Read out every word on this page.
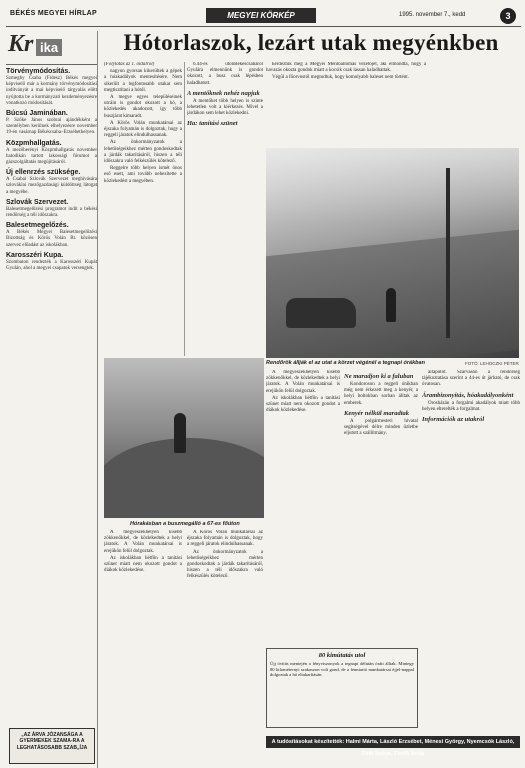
BÉKÉS MEGYEI HÍRLAP	MEGYEI KÖRKÉP	1995. november 7., kedd	3
Kr ika
Törvénymódosítás.
Szmeghy Csaba (Fidesz) Békés megyei képviselő már a kormány törvénymódosítási indítványát a mai képviselő tárgyalás előtt nyújtotta be a kormányzati kezdeményezésre vonatkozó módosítását.
Búcsú Jaminában.
P. Szőke János szobrai ajándékként a szentélyben kerülnek elhelyezésre november 19-én vasárnap Békéscsaba–Erzsébethelyen.
Közpmhallgatás.
A mezőberényi Közpmhallgatás november hatodikán tartott lakossági fórumot a gázszolgáltatás megújításáról.
Új ellenrzés szüksége.
A Csabai Szlovák Szervezet meghívására szlovákiai mezőgazdasági küldöttség látogat a megyébe.
Szlovák Szervezet.
Balesetmegelőzési programot indít a békési rendőrség a téli időszakra.
Balesetmegelőzés.
A Békés Megyei Balesetmegelőzési Bizottság és Körös Volán Rt. közösen szervez előadást az iskolákban.
Karosszéri Kupa.
Szombaton rendezték a Karosszéri Kupát Gyulán, ahol a megyei csapatok versengtek.
„AZ ÁRVA JÓZANSÁGA A GYERMEKEK SZAMA-RA A LEGHATÁSOSABB SZAB„ÍJA
Hótorlaszok, lezárt utak megyénkben

(Folytatás az 1. oldalról)

nagyon gyorsan kikerültek a gépek a hóakadályok mentesítésére. Nem sikerült a legfontosabb utakat sem megtisztítani a hótól.

A megye egyes településeinek utcáin is gondot okozott a hó, a közlekedés akadozott, így több buszjárat kimaradt.

A Körös Volán munkatársai az éjszaka folyamán is dolgoztak, hogy a reggeli járatok elindulhassanak.

Az önkormányzatok a lehetőségeikhez mérten gondoskodtak a járdák takarításáról, hiszen a téli időszakra való felkészülés kötelező.

Reggelre több helyen ismét ónos eső esett, ami tovább nehezítette a közlekedést a megyében.

6.44-es útonBékéscsabáról Gyulára elmennünk is gondot okozott, a busz csak lépésben haladhatott.

A mentőknek nehéz napjuk

A mentőket több helyen is szinte lehetetlen volt a kiérkezés. Mivel a járdákon sem lehet közlekedni.

Ha: tanítási szünet

kérdeztük meg a Megyei Mentőállomás vezetőjét, aki elmondta, hogy a havazás okozta gondok miatt a kocsik csak lassan haladhattak.

Végül a főorvostól megtudtuk, hogy komolyabb baleset nem történt.

Rendőrök állják el az utat a körzet végénél a tegnapi órákban	FOTÓ: LEHOCZKI PÉTER
Hórakásban a buszmegálló a 67-es főúton

A megyeszékhelyen kisebb zökkenőkkel, de közlekedtek a helyi járatok. A Volán munkatársai is erejükön felül dolgoztak.

Az iskolákban hétfőn a tanítási szünet miatt nem okozott gondot a diákok közlekedése.

A Körös Volán munkatársai az éjszaka folyamán is dolgoztak, hogy a reggeli járatok elindulhassanak.

Az önkormányzatok a lehetőségeikhez mérten gondoskodtak a járdák takarításáról, hiszen a téli időszakra való felkészülés kötelező.

A megyeszékhelyen kisebb zökkenőkkel, de közlekedtek a helyi járatok. A Volán munkatársai is erejükön felül dolgoztak.

Az iskolákban hétfőn a tanítási szünet miatt nem okozott gondot a diákok közlekedése.

Ne maradjon ki a faluban

Kondoroson a reggeli órákban még nem érkezett meg a kenyér, a helyi boltokban sorban álltak az emberek.

Kenyér nélkül maradtak

A polgármesteri hivatal segítségével délre minden üzletbe eljutott a szállítmány.

állapotot. Szarvason a rendőrség tájékoztatása szerint a 44-es út járható, de csak óvatosan.

Árambizonyítás, hóakadályonként

Orosházán a forgalmi akadályok miatt több helyen elterelték a forgalmat.

Információk az utakról
80 kimútatás utol
Üjj óvítás mentején a fényviszonyok a tegnapi délután óráit álltak. Mintegy 80 kilométernyi szakaszon volt gond, de a fenntartó munkatársai éjjel-nappal dolgoztak a hó eltakarításán.
A tudósításokat készítették: Halmi Márta, László Erzsébet, Ménesi György, Nyemcsók László, Tóth Ibolya, Török Anita
